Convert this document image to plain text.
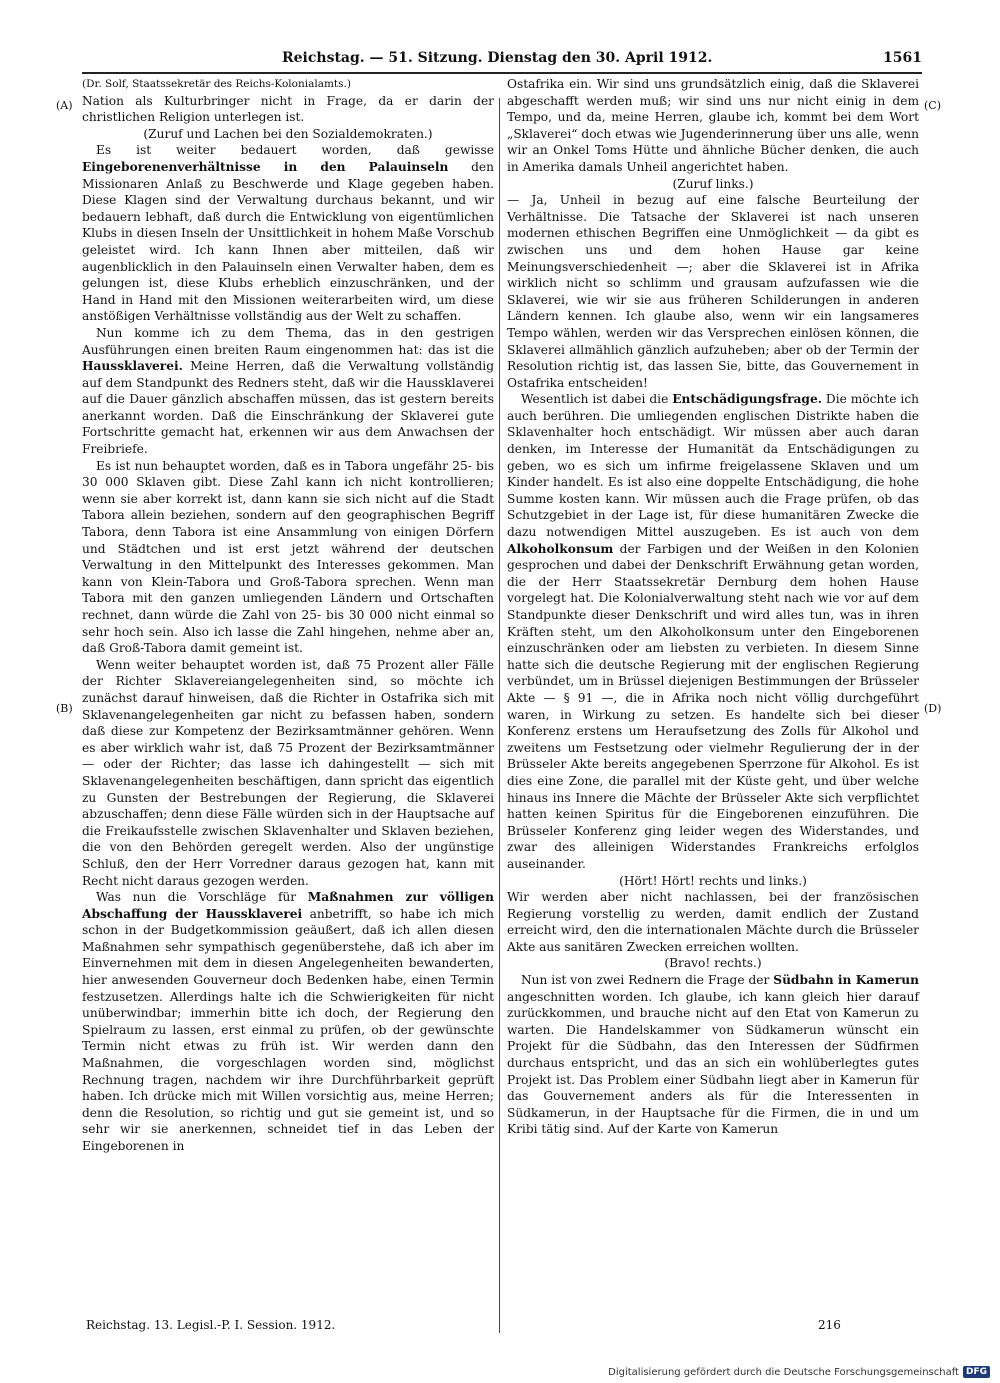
Reichstag. — 51. Sitzung. Dienstag den 30. April 1912.	1561
(A)
(B)
(C)
(D)

(Dr. Solf, Staatssekretär des Reichs-Kolonialamts.)

Nation als Kulturbringer nicht in Frage, da er darin der christlichen Religion unterlegen ist.

(Zuruf und Lachen bei den Sozialdemokraten.)

Es ist weiter bedauert worden, daß gewisse Eingeborenenverhältnisse in den Palauinseln den Missionaren Anlaß zu Beschwerde und Klage gegeben haben. Diese Klagen sind der Verwaltung durchaus bekannt, und wir bedauern lebhaft, daß durch die Entwicklung von eigentümlichen Klubs in diesen Inseln der Unsittlichkeit in hohem Maße Vorschub geleistet wird. Ich kann Ihnen aber mitteilen, daß wir augenblicklich in den Palauinseln einen Verwalter haben, dem es gelungen ist, diese Klubs erheblich einzuschränken, und der Hand in Hand mit den Missionen weiterarbeiten wird, um diese anstößigen Verhältnisse vollständig aus der Welt zu schaffen.

Nun komme ich zu dem Thema, das in den gestrigen Ausführungen einen breiten Raum eingenommen hat: das ist die Haussklaverei. Meine Herren, daß die Verwaltung vollständig auf dem Standpunkt des Redners steht, daß wir die Haussklaverei auf die Dauer gänzlich abschaffen müssen, das ist gestern bereits anerkannt worden. Daß die Einschränkung der Sklaverei gute Fortschritte gemacht hat, erkennen wir aus dem Anwachsen der Freibriefe.

Es ist nun behauptet worden, daß es in Tabora ungefähr 25- bis 30 000 Sklaven gibt. Diese Zahl kann ich nicht kontrollieren; wenn sie aber korrekt ist, dann kann sie sich nicht auf die Stadt Tabora allein beziehen, sondern auf den geographischen Begriff Tabora, denn Tabora ist eine Ansammlung von einigen Dörfern und Städtchen und ist erst jetzt während der deutschen Verwaltung in den Mittelpunkt des Interesses gekommen. Man kann von Klein-Tabora und Groß-Tabora sprechen. Wenn man Tabora mit den ganzen umliegenden Ländern und Ortschaften rechnet, dann würde die Zahl von 25- bis 30 000 nicht einmal so sehr hoch sein. Also ich lasse die Zahl hingehen, nehme aber an, daß Groß-Tabora damit gemeint ist.

Wenn weiter behauptet worden ist, daß 75 Prozent aller Fälle der Richter Sklavereiangelegenheiten sind, so möchte ich zunächst darauf hinweisen, daß die Richter in Ostafrika sich mit Sklavenangelegenheiten gar nicht zu befassen haben, sondern daß diese zur Kompetenz der Bezirksamtmänner gehören. Wenn es aber wirklich wahr ist, daß 75 Prozent der Bezirksamtmänner — oder der Richter; das lasse ich dahingestellt — sich mit Sklavenangelegenheiten beschäftigen, dann spricht das eigentlich zu Gunsten der Bestrebungen der Regierung, die Sklaverei abzuschaffen; denn diese Fälle würden sich in der Hauptsache auf die Freikaufsstelle zwischen Sklavenhalter und Sklaven beziehen, die von den Behörden geregelt werden. Also der ungünstige Schluß, den der Herr Vorredner daraus gezogen hat, kann mit Recht nicht daraus gezogen werden.

Was nun die Vorschläge für Maßnahmen zur völligen Abschaffung der Haussklaverei anbetrifft, so habe ich mich schon in der Budgetkommission geäußert, daß ich allen diesen Maßnahmen sehr sympathisch gegenüberstehe, daß ich aber im Einvernehmen mit dem in diesen Angelegenheiten bewanderten, hier anwesenden Gouverneur doch Bedenken habe, einen Termin festzusetzen. Allerdings halte ich die Schwierigkeiten für nicht unüberwindbar; immerhin bitte ich doch, der Regierung den Spielraum zu lassen, erst einmal zu prüfen, ob der gewünschte Termin nicht etwas zu früh ist. Wir werden dann den Maßnahmen, die vorgeschlagen worden sind, möglichst Rechnung tragen, nachdem wir ihre Durchführbarkeit geprüft haben. Ich drücke mich mit Willen vorsichtig aus, meine Herren; denn die Resolution, so richtig und gut sie gemeint ist, und so sehr wir sie anerkennen, schneidet tief in das Leben der Eingeborenen in

Ostafrika ein. Wir sind uns grundsätzlich einig, daß die Sklaverei abgeschafft werden muß; wir sind uns nur nicht einig in dem Tempo, und da, meine Herren, glaube ich, kommt bei dem Wort „Sklaverei“ doch etwas wie Jugenderinnerung über uns alle, wenn wir an Onkel Toms Hütte und ähnliche Bücher denken, die auch in Amerika damals Unheil angerichtet haben.

(Zuruf links.)

— Ja, Unheil in bezug auf eine falsche Beurteilung der Verhältnisse. Die Tatsache der Sklaverei ist nach unseren modernen ethischen Begriffen eine Unmöglichkeit — da gibt es zwischen uns und dem hohen Hause gar keine Meinungsverschiedenheit —; aber die Sklaverei ist in Afrika wirklich nicht so schlimm und grausam aufzufassen wie die Sklaverei, wie wir sie aus früheren Schilderungen in anderen Ländern kennen. Ich glaube also, wenn wir ein langsameres Tempo wählen, werden wir das Versprechen einlösen können, die Sklaverei allmählich gänzlich aufzuheben; aber ob der Termin der Resolution richtig ist, das lassen Sie, bitte, das Gouvernement in Ostafrika entscheiden!

Wesentlich ist dabei die Entschädigungsfrage. Die möchte ich auch berühren. Die umliegenden englischen Distrikte haben die Sklavenhalter hoch entschädigt. Wir müssen aber auch daran denken, im Interesse der Humanität da Entschädigungen zu geben, wo es sich um infirme freigelassene Sklaven und um Kinder handelt. Es ist also eine doppelte Entschädigung, die hohe Summe kosten kann. Wir müssen auch die Frage prüfen, ob das Schutzgebiet in der Lage ist, für diese humanitären Zwecke die dazu notwendigen Mittel auszugeben. Es ist auch von dem Alkoholkonsum der Farbigen und der Weißen in den Kolonien gesprochen und dabei der Denkschrift Erwähnung getan worden, die der Herr Staatssekretär Dernburg dem hohen Hause vorgelegt hat. Die Kolonialverwaltung steht nach wie vor auf dem Standpunkte dieser Denkschrift und wird alles tun, was in ihren Kräften steht, um den Alkoholkonsum unter den Eingeborenen einzuschränken oder am liebsten zu verbieten. In diesem Sinne hatte sich die deutsche Regierung mit der englischen Regierung verbündet, um in Brüssel diejenigen Bestimmungen der Brüsseler Akte — § 91 —, die in Afrika noch nicht völlig durchgeführt waren, in Wirkung zu setzen. Es handelte sich bei dieser Konferenz erstens um Heraufsetzung des Zolls für Alkohol und zweitens um Festsetzung oder vielmehr Regulierung der in der Brüsseler Akte bereits angegebenen Sperrzone für Alkohol. Es ist dies eine Zone, die parallel mit der Küste geht, und über welche hinaus ins Innere die Mächte der Brüsseler Akte sich verpflichtet hatten keinen Spiritus für die Eingeborenen einzuführen. Die Brüsseler Konferenz ging leider wegen des Widerstandes, und zwar des alleinigen Widerstandes Frankreichs erfolglos auseinander.

(Hört! Hört! rechts und links.)

Wir werden aber nicht nachlassen, bei der französischen Regierung vorstellig zu werden, damit endlich der Zustand erreicht wird, den die internationalen Mächte durch die Brüsseler Akte aus sanitären Zwecken erreichen wollten.

(Bravo! rechts.)

Nun ist von zwei Rednern die Frage der Südbahn in Kamerun angeschnitten worden. Ich glaube, ich kann gleich hier darauf zurückkommen, und brauche nicht auf den Etat von Kamerun zu warten. Die Handelskammer von Südkamerun wünscht ein Projekt für die Südbahn, das den Interessen der Südfirmen durchaus entspricht, und das an sich ein wohlüberlegtes gutes Projekt ist. Das Problem einer Südbahn liegt aber in Kamerun für das Gouvernement anders als für die Interessenten in Südkamerun, in der Hauptsache für die Firmen, die in und um Kribi tätig sind. Auf der Karte von Kamerun

Reichstag. 13. Legisl.-P. I. Session. 1912.	216
Digitalisierung gefördert durch die Deutsche Forschungsgemeinschaft DFG
